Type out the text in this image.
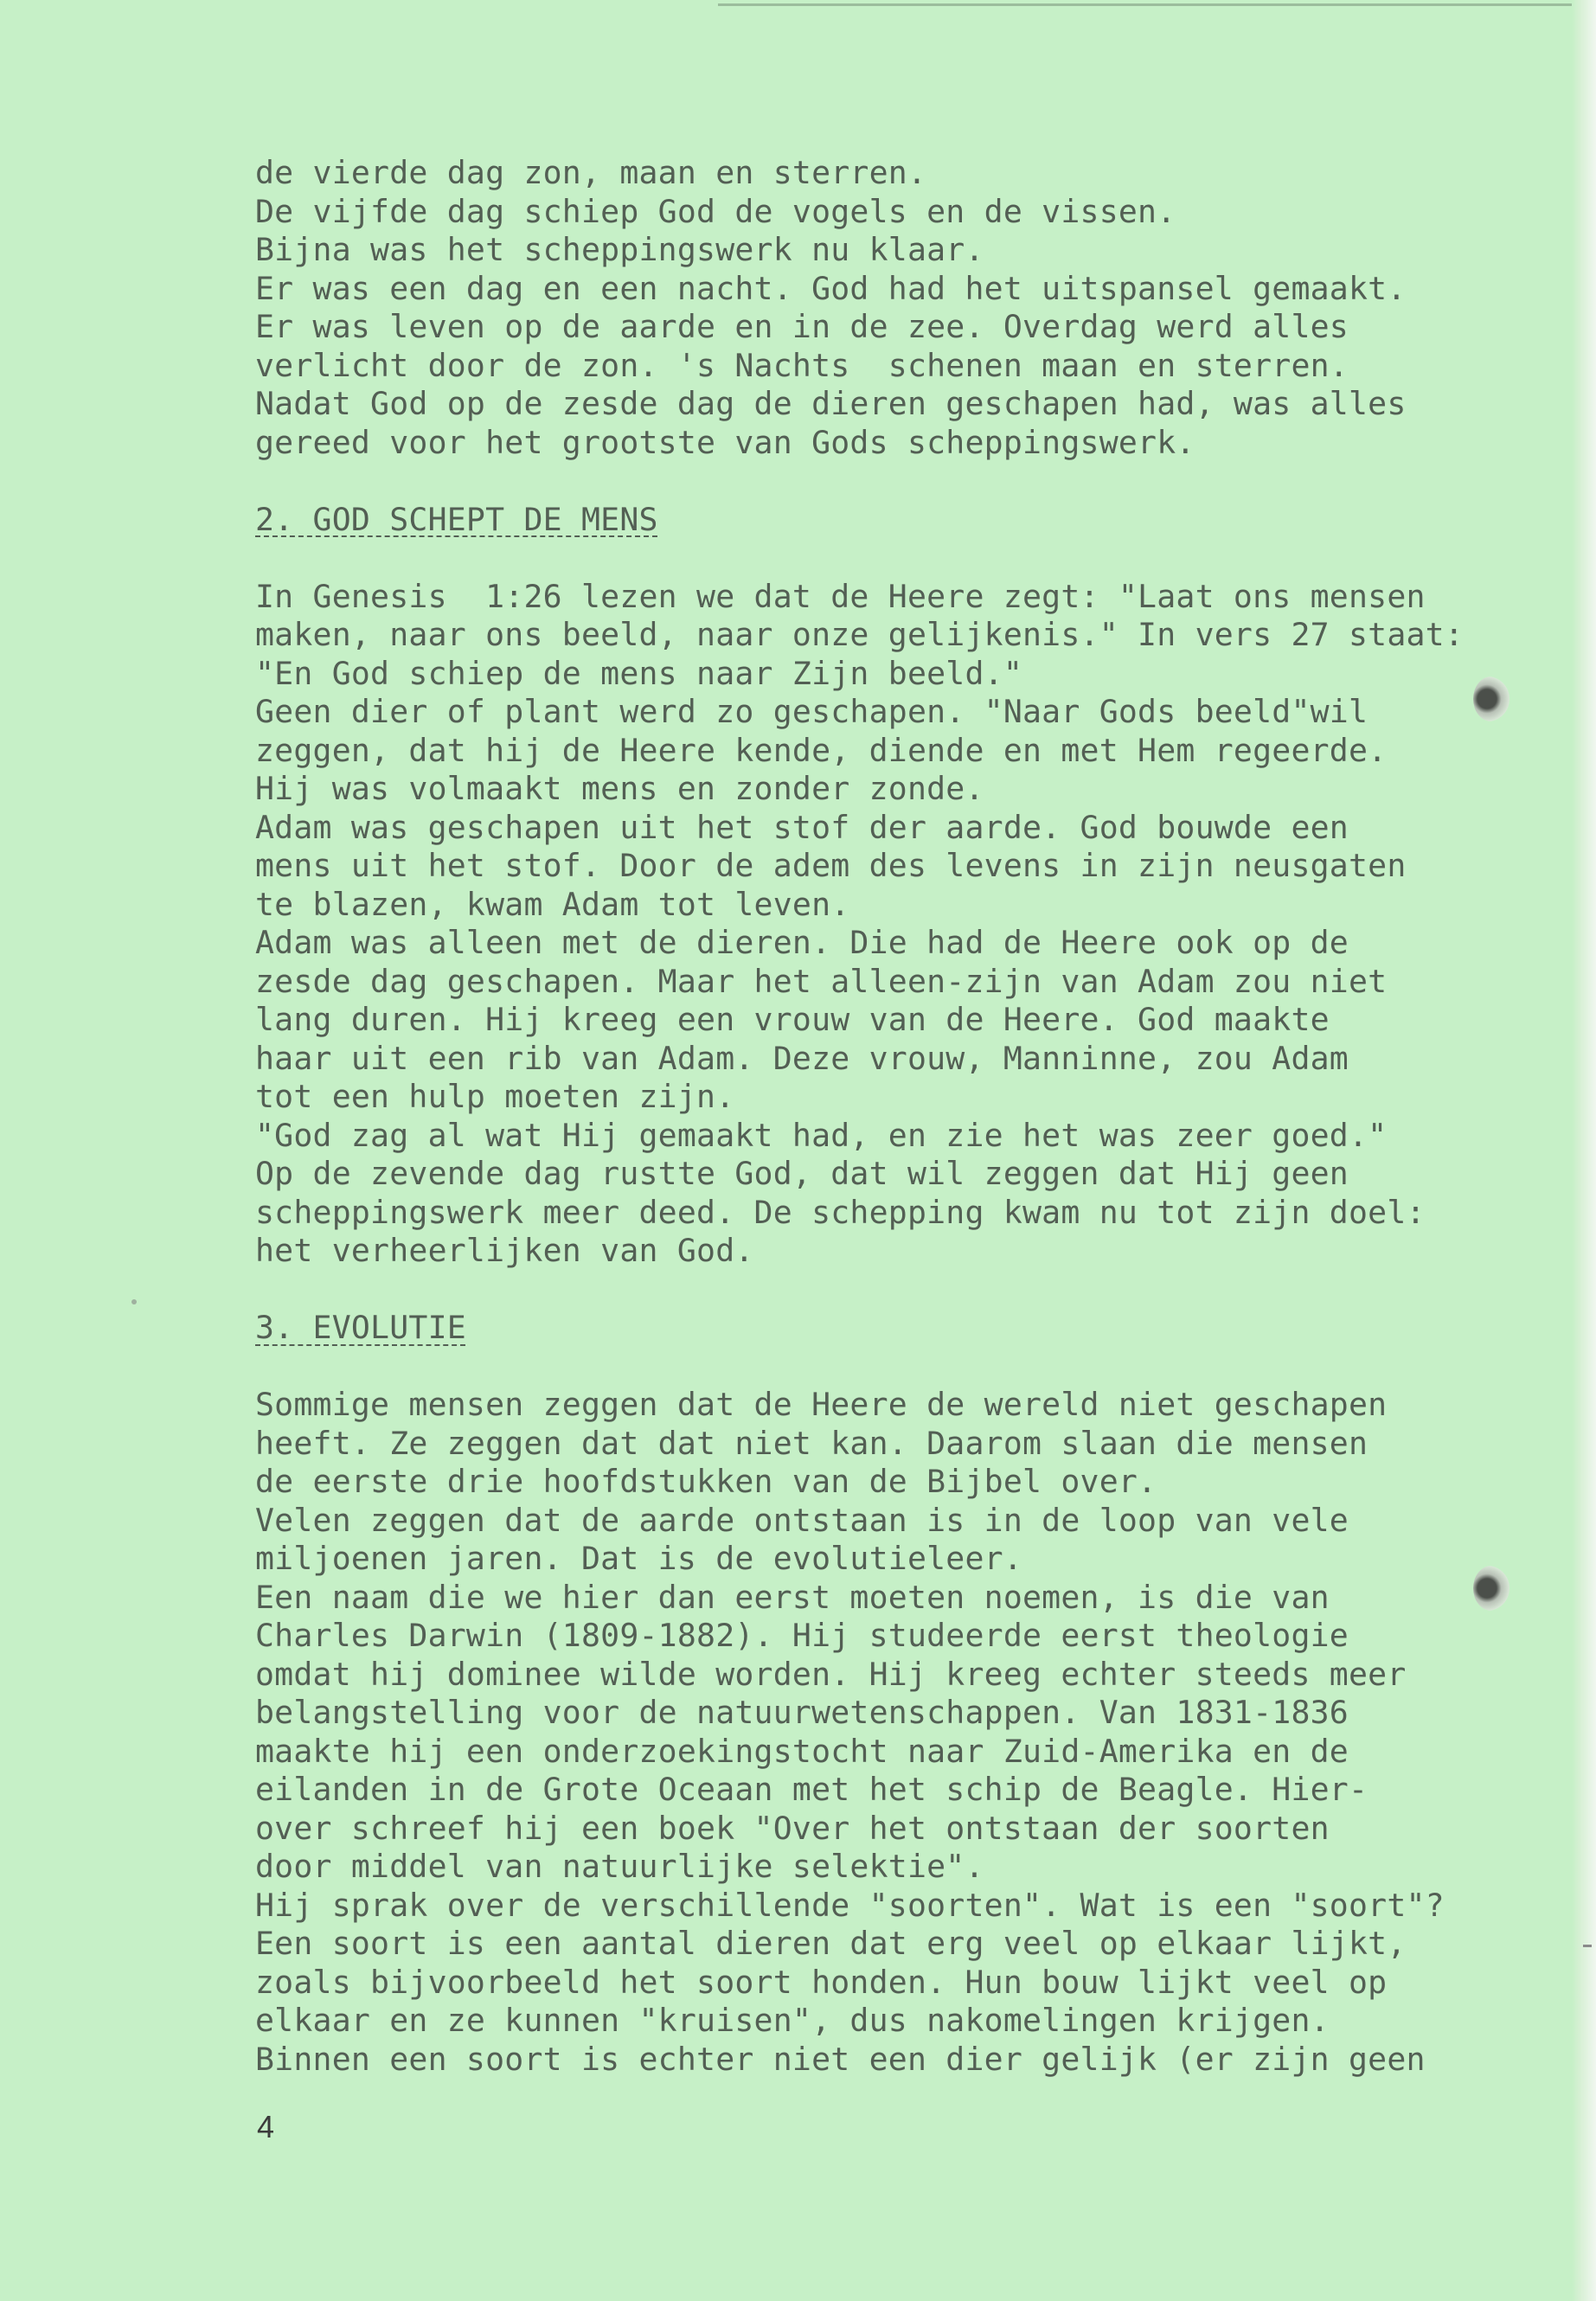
de vierde dag zon, maan en sterren.
De vijfde dag schiep God de vogels en de vissen.
Bijna was het scheppingswerk nu klaar.
Er was een dag en een nacht. God had het uitspansel gemaakt.
Er was leven op de aarde en in de zee. Overdag werd alles
verlicht door de zon. 's Nachts  schenen maan en sterren.
Nadat God op de zesde dag de dieren geschapen had, was alles
gereed voor het grootste van Gods scheppingswerk.
2. GOD SCHEPT DE MENS
In Genesis  1:26 lezen we dat de Heere zegt: "Laat ons mensen
maken, naar ons beeld, naar onze gelijkenis." In vers 27 staat:
"En God schiep de mens naar Zijn beeld."
Geen dier of plant werd zo geschapen. "Naar Gods beeld"wil
zeggen, dat hij de Heere kende, diende en met Hem regeerde.
Hij was volmaakt mens en zonder zonde.
Adam was geschapen uit het stof der aarde. God bouwde een
mens uit het stof. Door de adem des levens in zijn neusgaten
te blazen, kwam Adam tot leven.
Adam was alleen met de dieren. Die had de Heere ook op de
zesde dag geschapen. Maar het alleen-zijn van Adam zou niet
lang duren. Hij kreeg een vrouw van de Heere. God maakte
haar uit een rib van Adam. Deze vrouw, Manninne, zou Adam
tot een hulp moeten zijn.
"God zag al wat Hij gemaakt had, en zie het was zeer goed."
Op de zevende dag rustte God, dat wil zeggen dat Hij geen
scheppingswerk meer deed. De schepping kwam nu tot zijn doel:
het verheerlijken van God.
3. EVOLUTIE
Sommige mensen zeggen dat de Heere de wereld niet geschapen
heeft. Ze zeggen dat dat niet kan. Daarom slaan die mensen
de eerste drie hoofdstukken van de Bijbel over.
Velen zeggen dat de aarde ontstaan is in de loop van vele
miljoenen jaren. Dat is de evolutieleer.
Een naam die we hier dan eerst moeten noemen, is die van
Charles Darwin (1809-1882). Hij studeerde eerst theologie
omdat hij dominee wilde worden. Hij kreeg echter steeds meer
belangstelling voor de natuurwetenschappen. Van 1831-1836
maakte hij een onderzoekingstocht naar Zuid-Amerika en de
eilanden in de Grote Oceaan met het schip de Beagle. Hier-
over schreef hij een boek "Over het ontstaan der soorten
door middel van natuurlijke selektie".
Hij sprak over de verschillende "soorten". Wat is een "soort"?
Een soort is een aantal dieren dat erg veel op elkaar lijkt,
zoals bijvoorbeeld het soort honden. Hun bouw lijkt veel op
elkaar en ze kunnen "kruisen", dus nakomelingen krijgen.
Binnen een soort is echter niet een dier gelijk (er zijn geen
4
